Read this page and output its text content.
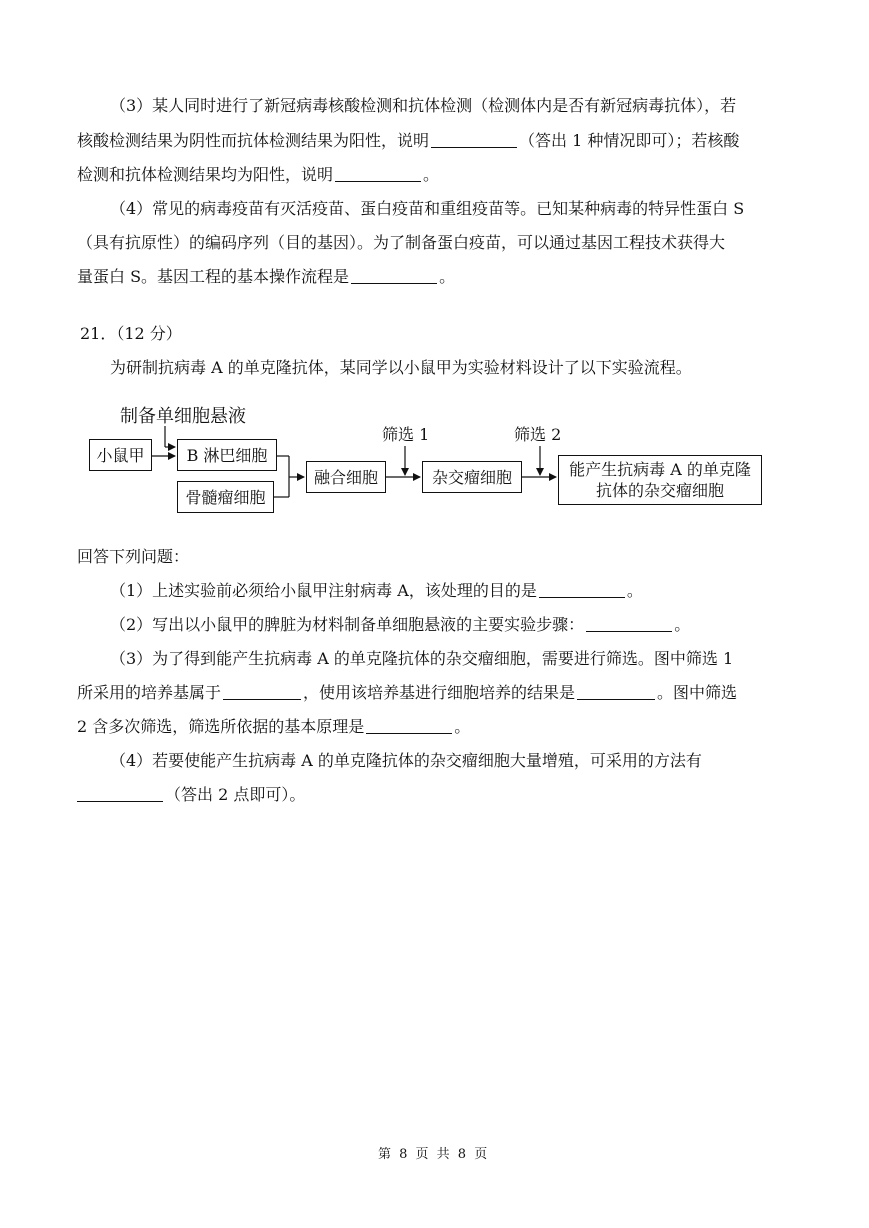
（3）某人同时进行了新冠病毒核酸检测和抗体检测（检测体内是否有新冠病毒抗体），若
核酸检测结果为阴性而抗体检测结果为阳性，说明	（答出 1 种情况即可）；若核酸
检测和抗体检测结果均为阳性，说明	。
（4）常见的病毒疫苗有灭活疫苗、蛋白疫苗和重组疫苗等。已知某种病毒的特异性蛋白 S
（具有抗原性）的编码序列（目的基因）。为了制备蛋白疫苗，可以通过基因工程技术获得大
量蛋白 S。基因工程的基本操作流程是	。
21．（12 分）
为研制抗病毒 A 的单克隆抗体，某同学以小鼠甲为实验材料设计了以下实验流程。
制备单细胞悬液
小鼠甲	B 淋巴细胞
骨髓瘤细胞
融合细胞
筛选 1
杂交瘤细胞
筛选 2
能产生抗病毒 A 的单克隆
抗体的杂交瘤细胞
回答下列问题：
（1）上述实验前必须给小鼠甲注射病毒 A，该处理的目的是	。
（2）写出以小鼠甲的脾脏为材料制备单细胞悬液的主要实验步骤：	。
（3）为了得到能产生抗病毒 A 的单克隆抗体的杂交瘤细胞，需要进行筛选。图中筛选 1
所采用的培养基属于	，使用该培养基进行细胞培养的结果是	。图中筛选
2 含多次筛选，筛选所依据的基本原理是	。
（4）若要使能产生抗病毒 A 的单克隆抗体的杂交瘤细胞大量增殖，可采用的方法有
（答出 2 点即可）。
第 8 页 共 8 页
